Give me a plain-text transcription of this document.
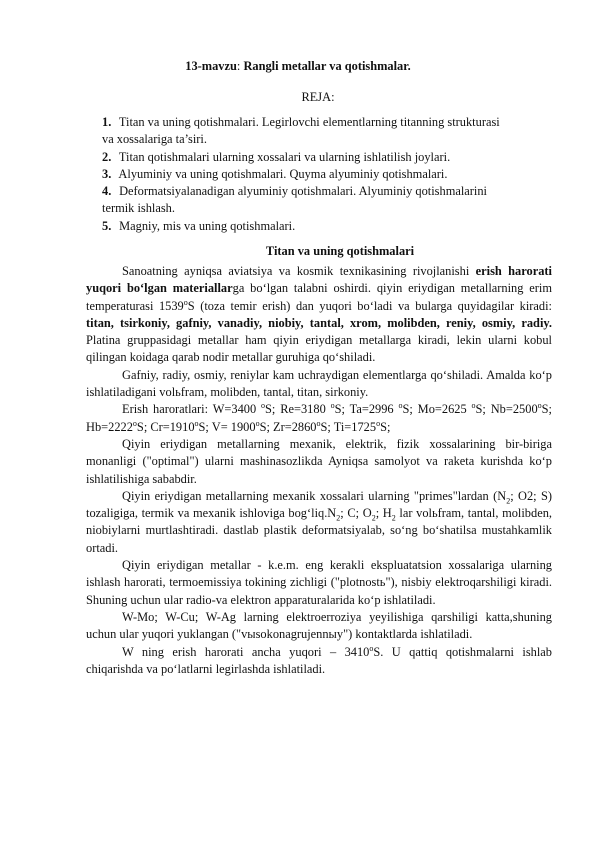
13-mavzu: Rangli metallar va qotishmalar.
REJA:
1. Titan va uning qotishmalari. Legirlovchi elementlarning titanning strukturasi
va xossalariga ta’siri.
2. Titan qotishmalari ularning xossalari va ularning ishlatilish joylari.
3. Alyuminiy va uning qotishmalari. Quyma alyuminiy qotishmalari.
4. Deformatsiyalanadigan alyuminiy qotishmalari. Alyuminiy qotishmalarini
termik ishlash.
5. Magniy, mis va uning qotishmalari.
Titan va uning qotishmalari

Sanoatning ayniqsa aviatsiya va kosmik texnikasining rivojlanishi erish harorati yuqori bo‘lgan materiallarga bo‘lgan talabni oshirdi. qiyin eriydigan metallarning erim temperaturasi 1539$^o$S (toza temir erish) dan yuqori bo‘ladi va bularga quyidagilar kiradi: titan, tsirkoniy, gafniy, vanadiy, niobiy, tantal, xrom, molibden, reniy, osmiy, radiy. Platina gruppasidagi metallar ham qiyin eriydigan metallarga kiradi, lekin ularni kobul qilingan koidaga qarab nodir metallar guruhiga qo‘shiladi.

Gafniy, radiy, osmiy, reniylar kam uchraydigan elementlarga qo‘shiladi. Amalda ko‘p ishlatiladigani volьfram, molibden, tantal, titan, sirkoniy.

Erish haroratlari: W=3400 $^o$S; Re=3180 $^o$S; Ta=2996 $^o$S; Mo=2625 $^o$S; $Nb=2500^oS$; $Hb=2222^oS$; $Cr=1910^oS$; $V= 1900^oS$; $Zr=2860^oS$; $Ti=1725^oS$;

Qiyin eriydigan metallarning mexanik, elektrik, fizik xossalarining bir-biriga monanligi ("optimal") ularni mashinasozlikda Ayniqsa samolyot va raketa kurishda ko‘p ishlatilishiga sababdir.

Qiyin eriydigan metallarning mexanik xossalari ularning "primes"lardan ($N_2$; O2; S) tozaligiga, termik va mexanik ishloviga $bog‘liq.N_2$; C; $O_2$; $H_2$ lar volьfram, tantal, molibden, niobiylarni murtlashtiradi. dastlab plastik deformatsiyalab, so‘ng bo‘shatilsa mustahkamlik ortadi.

Qiyin eriydigan metallar - k.e.m. eng kerakli ekspluatatsion xossalariga ularning ishlash harorati, termoemissiya tokining zichligi ("plotnostь"), nisbiy elektroqarshiligi kiradi. Shuning uchun ular radio-va elektron apparaturalarida ko‘p ishlatiladi.

W-Mo; W-Cu; W-Ag larning elektroerroziya yeyilishiga qarshiligi katta,shuning uchun ular yuqori yuklangan ("vыsokonagrujennыy") kontaktlarda ishlatiladi.

W ning erish harorati ancha yuqori – 3410$^o$S. U qattiq qotishmalarni ishlab chiqarishda va po‘latlarni legirlashda ishlatiladi.
